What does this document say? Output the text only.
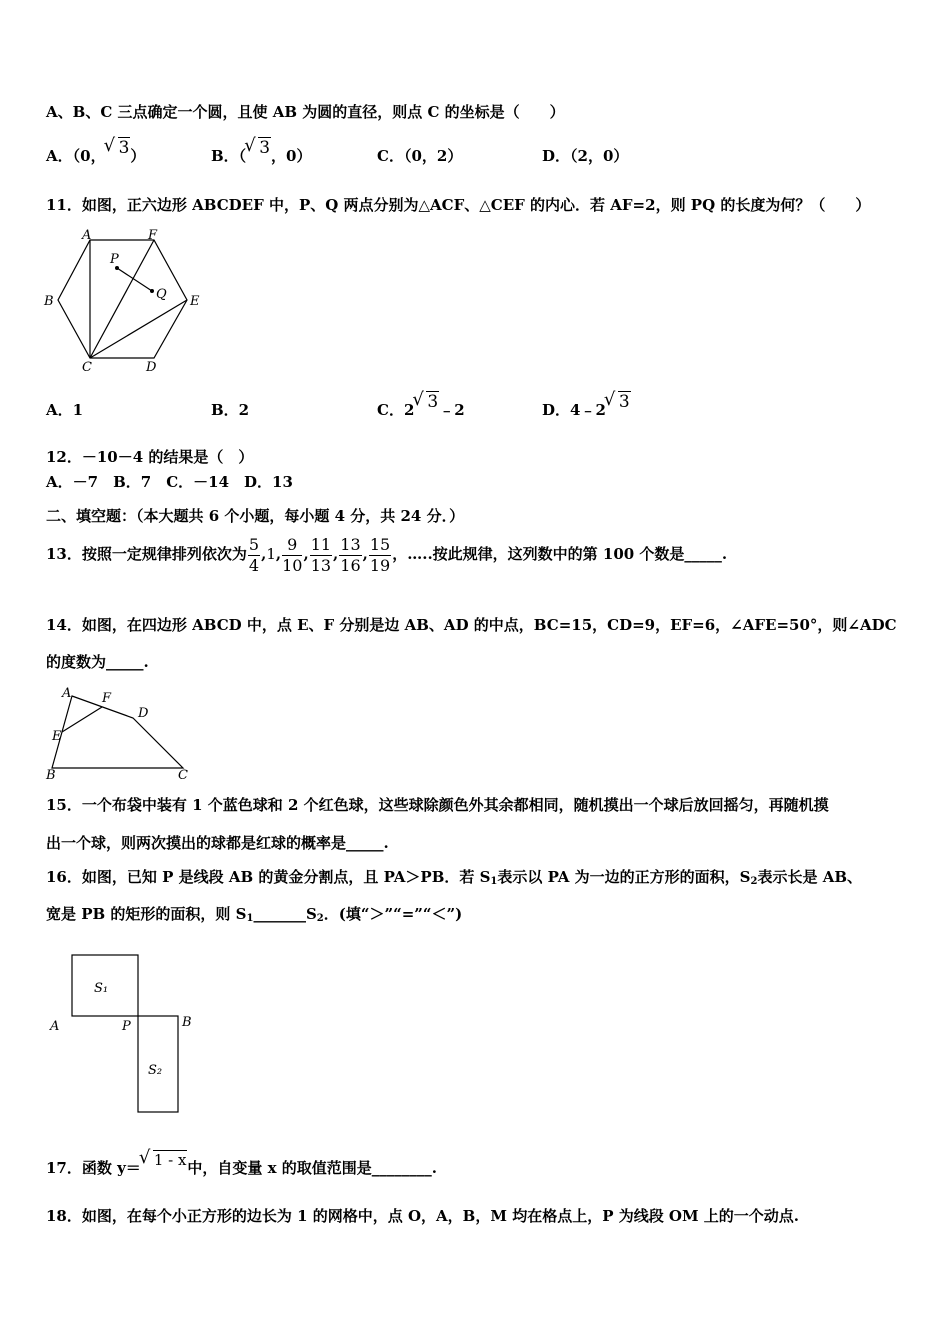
A、B、C 三点确定一个圆，且使 AB 为圆的直径，则点 C 的坐标是（　　）
A．（0， √ 3）	B．（ √ 3，0）	C．（0，2）	D．（2，0）
11．如图，正六边形 ABCDEF 中，P、Q 两点分别为△ACF、△CEF 的内心．若 AF=2，则 PQ 的长度为何？（　　）
A	F
P
Q
B	E
C	D
A．1	B．2	C．2 √ 3﹣2	D．4﹣2 √ 3
12．－10－4 的结果是（　）
A．－7　B．7　C．－14　D．13
二、填空题：（本大题共 6 个小题，每小题 4 分，共 24 分．）
13．按照一定规律排列依次为 $\frac{5}{4} ,1$, $\frac{9}{10}$ , $\frac{11}{13}$ , $\frac{13}{16}$ , $\frac{15}{19}$ ，…..按此规律，这列数中的第 100 个数是_____.
14．如图，在四边形 ABCD 中，点 E、F 分别是边 AB、AD 的中点，BC=15，CD=9，EF=6，∠AFE=50°，则∠ADC
的度数为_____.
A F
D
E
B	C
15．一个布袋中装有 1 个蓝色球和 2 个红色球，这些球除颜色外其余都相同，随机摸出一个球后放回摇匀，再随机摸
出一个球，则两次摸出的球都是红球的概率是_____.
16．如图，已知 P 是线段 AB 的黄金分割点，且 PA＞PB．若 $S_1$表示以 PA 为一边的正方形的面积，$S_2$表示长是 AB、
宽是 PB 的矩形的面积，则 $S_1\_\_\_\_\_\_\_S_2$．(填“＞”“=”“＜”)
S₁
A	P	B
S₂
17．函数 y＝ √ 1 - x中，自变量 x 的取值范围是________.
18．如图，在每个小正方形的边长为 1 的网格中，点 O，A，B，M 均在格点上，P 为线段 OM 上的一个动点.
